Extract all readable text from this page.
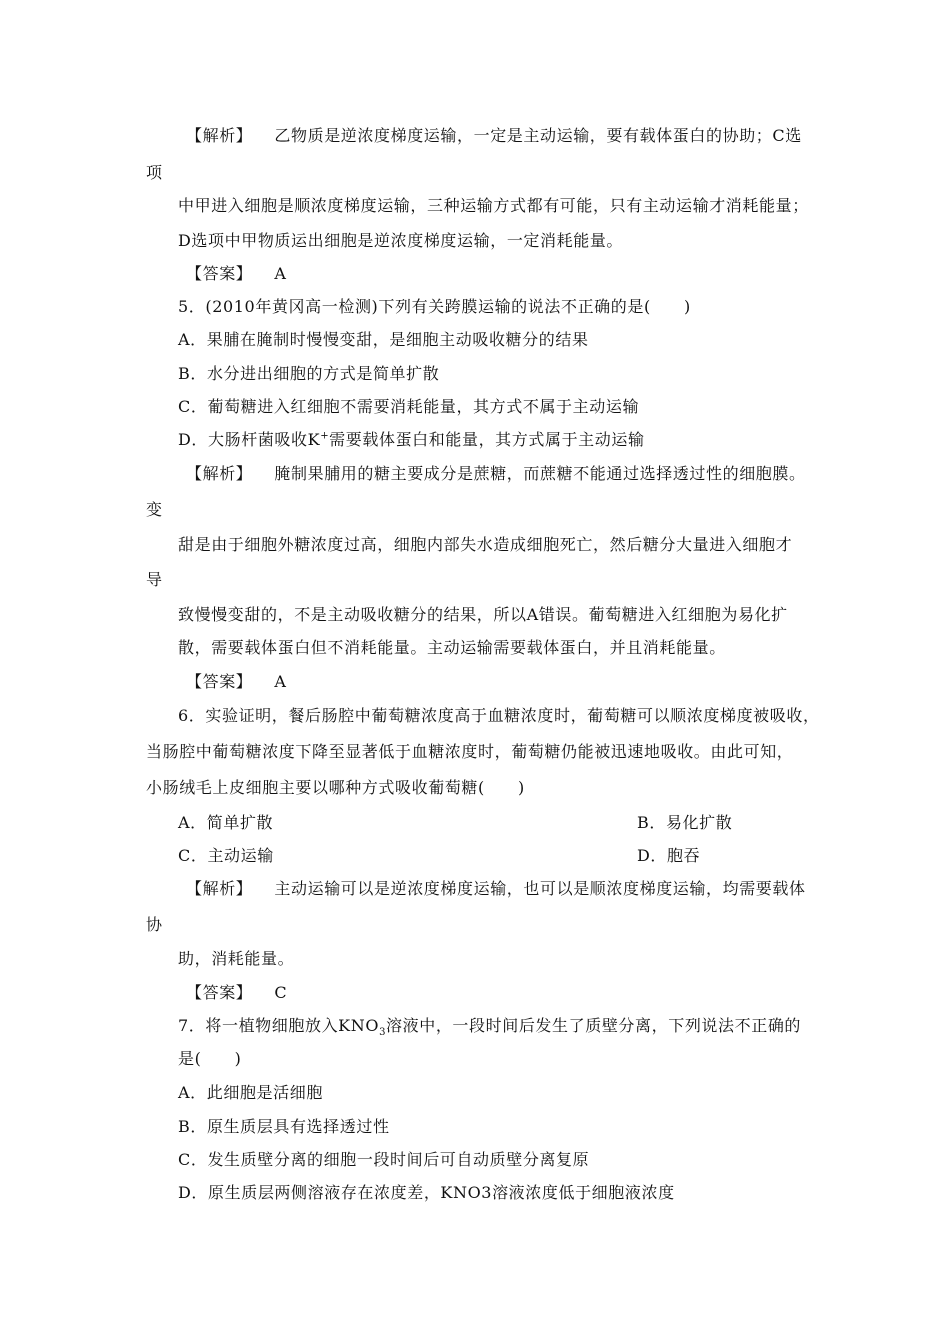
【解析】 乙物质是逆浓度梯度运输，一定是主动运输，要有载体蛋白的协助；C选
项
中甲进入细胞是顺浓度梯度运输，三种运输方式都有可能，只有主动运输才消耗能量；
D选项中甲物质运出细胞是逆浓度梯度运输，一定消耗能量。
【答案】 A
5．(2010年黄冈高一检测)下列有关跨膜运输的说法不正确的是(　　)
A．果脯在腌制时慢慢变甜，是细胞主动吸收糖分的结果
B．水分进出细胞的方式是简单扩散
C．葡萄糖进入红细胞不需要消耗能量，其方式不属于主动运输
D．大肠杆菌吸收K+需要载体蛋白和能量，其方式属于主动运输
【解析】 腌制果脯用的糖主要成分是蔗糖，而蔗糖不能通过选择透过性的细胞膜。
变
甜是由于细胞外糖浓度过高，细胞内部失水造成细胞死亡，然后糖分大量进入细胞才
导
致慢慢变甜的，不是主动吸收糖分的结果，所以A错误。葡萄糖进入红细胞为易化扩
散，需要载体蛋白但不消耗能量。主动运输需要载体蛋白，并且消耗能量。
【答案】 A
6．实验证明，餐后肠腔中葡萄糖浓度高于血糖浓度时，葡萄糖可以顺浓度梯度被吸收，
当肠腔中葡萄糖浓度下降至显著低于血糖浓度时，葡萄糖仍能被迅速地吸收。由此可知，
小肠绒毛上皮细胞主要以哪种方式吸收葡萄糖(　　)
A．简单扩散	B．易化扩散
C．主动运输	D．胞吞
【解析】 主动运输可以是逆浓度梯度运输，也可以是顺浓度梯度运输，均需要载体
协
助，消耗能量。
【答案】 C
7．将一植物细胞放入$KNO_3$溶液中，一段时间后发生了质壁分离，下列说法不正确的
是(　　)
A．此细胞是活细胞
B．原生质层具有选择透过性
C．发生质壁分离的细胞一段时间后可自动质壁分离复原
D．原生质层两侧溶液存在浓度差，KNO3溶液浓度低于细胞液浓度
